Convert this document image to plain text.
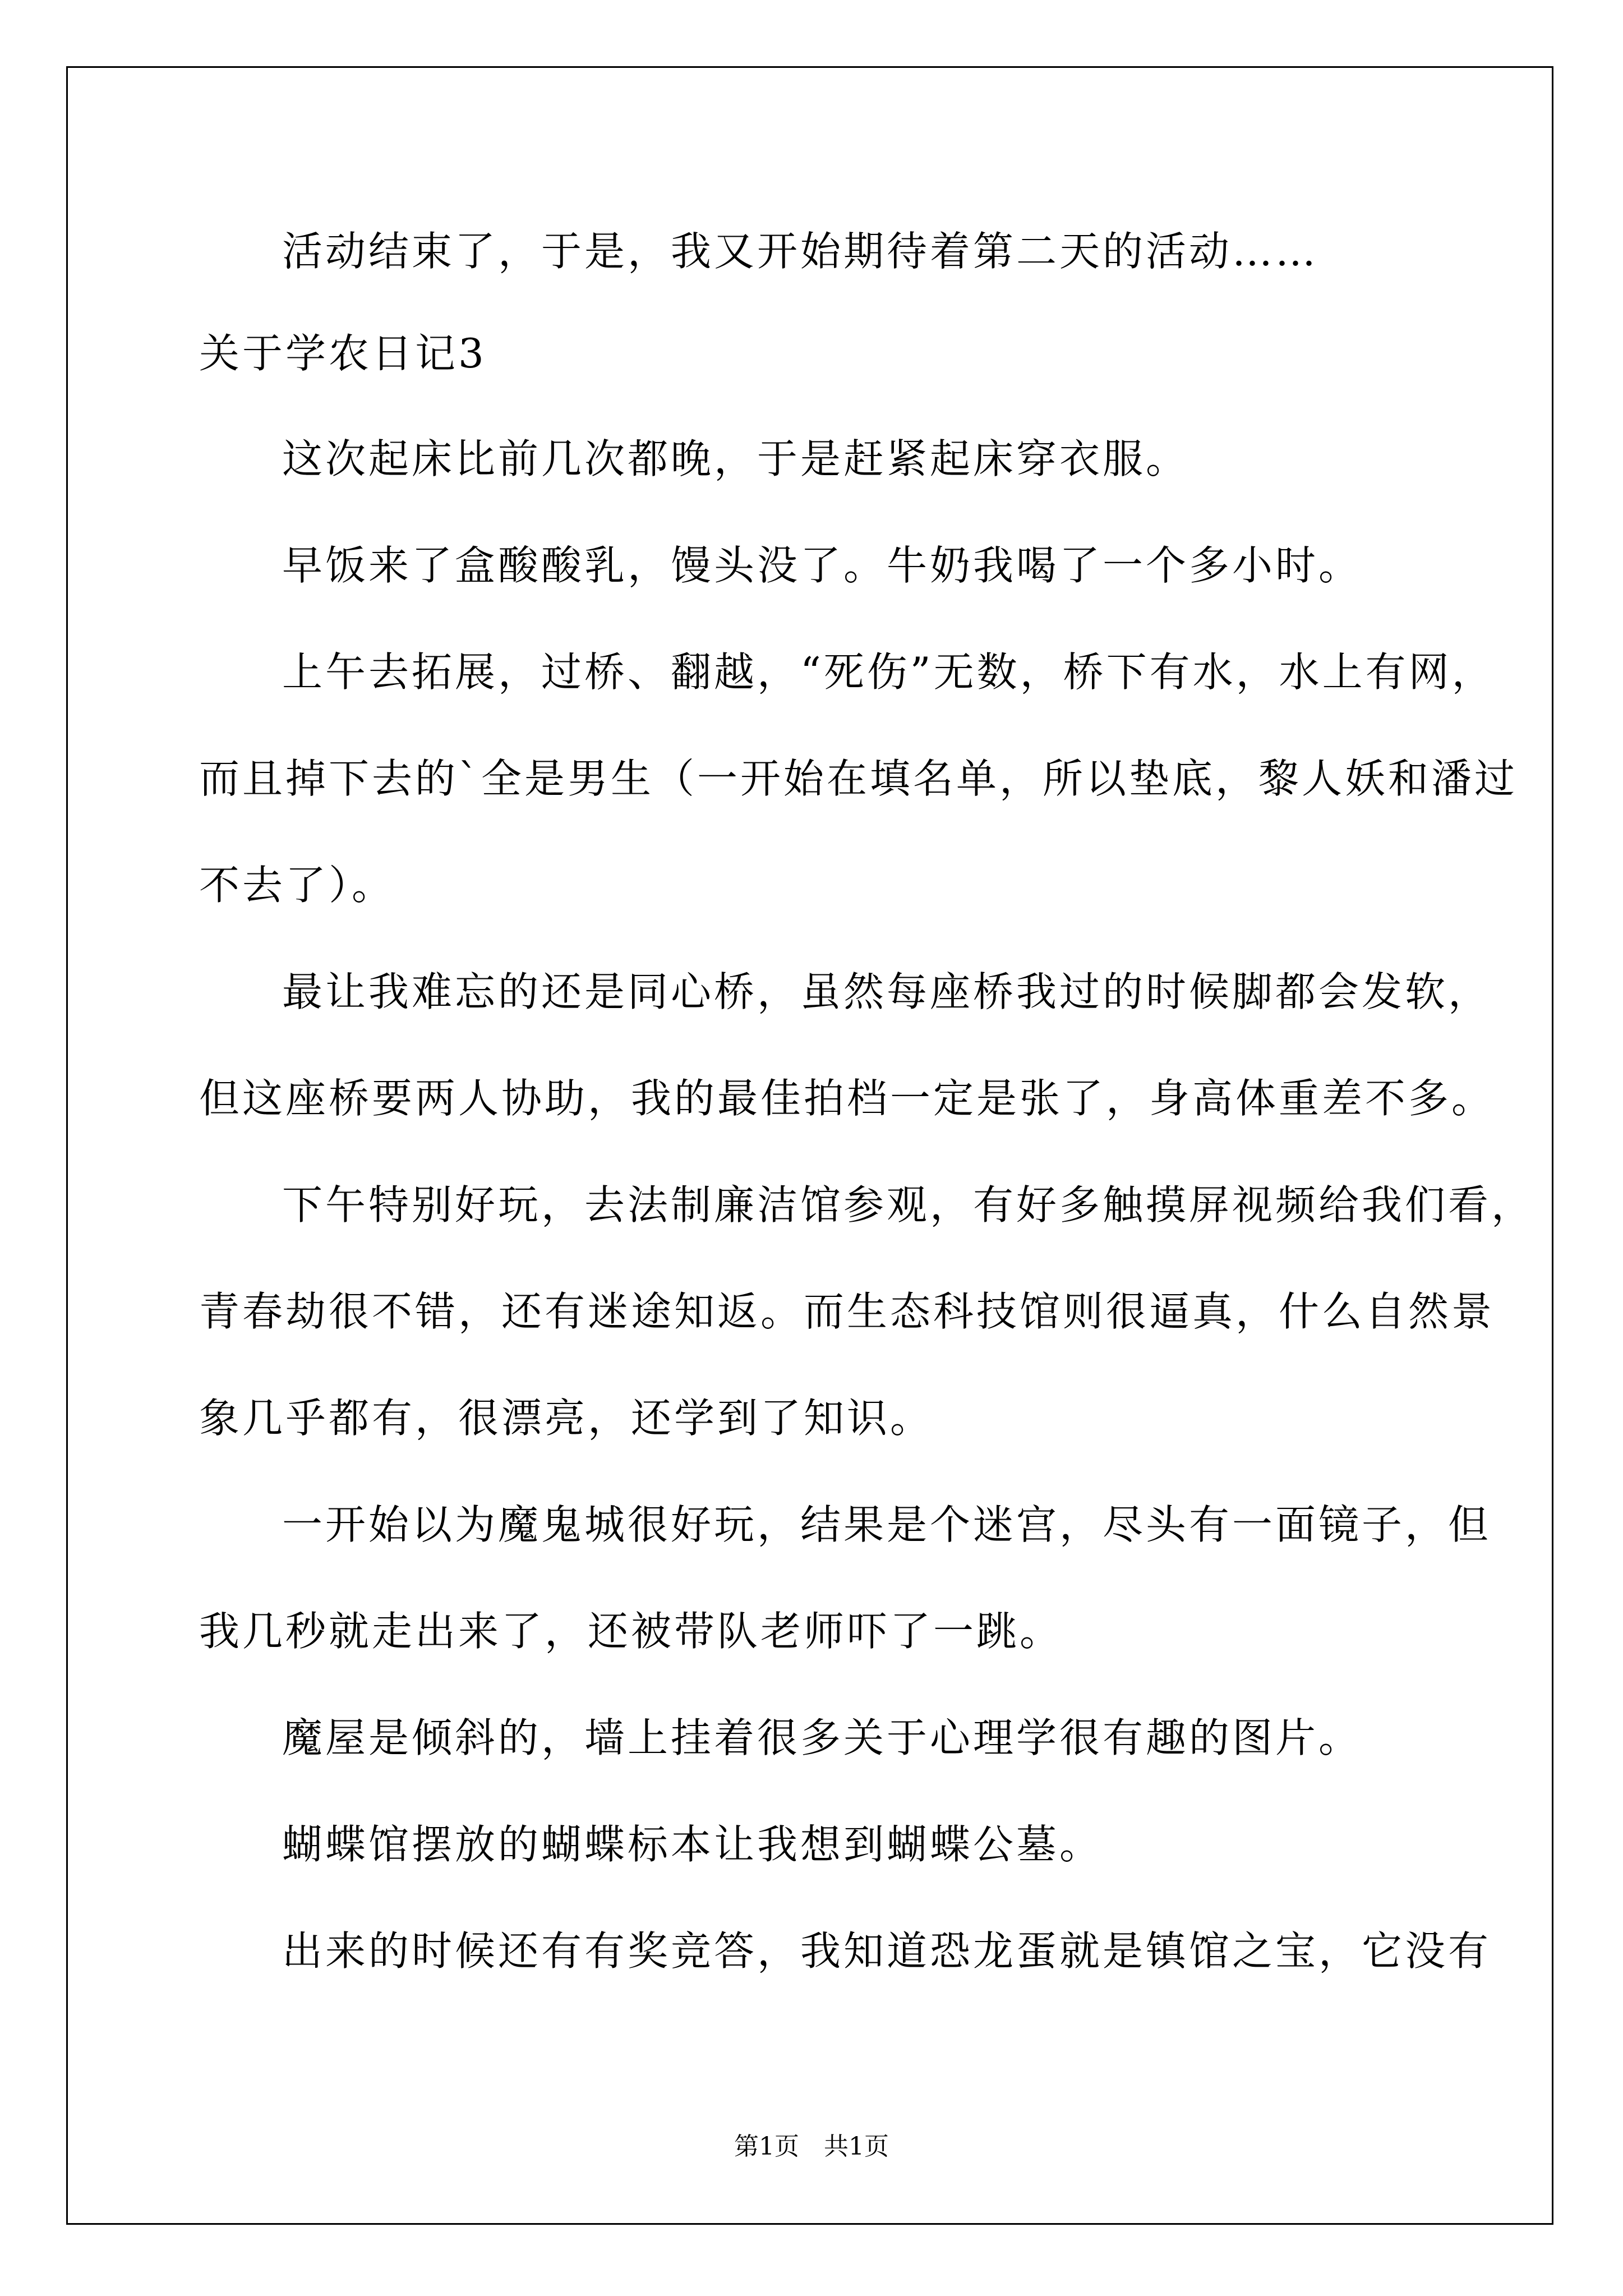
活动结束了，于是，我又开始期待着第二天的活动……

关于学农日记3

这次起床比前几次都晚，于是赶紧起床穿衣服。

早饭来了盒酸酸乳，馒头没了。牛奶我喝了一个多小时。

上午去拓展，过桥、翻越，“死伤”无数，桥下有水，水上有网，

而且掉下去的`全是男生（一开始在填名单，所以垫底，黎人妖和潘过

不去了）。

最让我难忘的还是同心桥，虽然每座桥我过的时候脚都会发软，

但这座桥要两人协助，我的最佳拍档一定是张了，身高体重差不多。

下午特别好玩，去法制廉洁馆参观，有好多触摸屏视频给我们看，

青春劫很不错，还有迷途知返。而生态科技馆则很逼真，什么自然景

象几乎都有，很漂亮，还学到了知识。

一开始以为魔鬼城很好玩，结果是个迷宫，尽头有一面镜子，但

我几秒就走出来了，还被带队老师吓了一跳。

魔屋是倾斜的，墙上挂着很多关于心理学很有趣的图片。

蝴蝶馆摆放的蝴蝶标本让我想到蝴蝶公墓。

出来的时候还有有奖竞答，我知道恐龙蛋就是镇馆之宝，它没有

第1页　共1页
